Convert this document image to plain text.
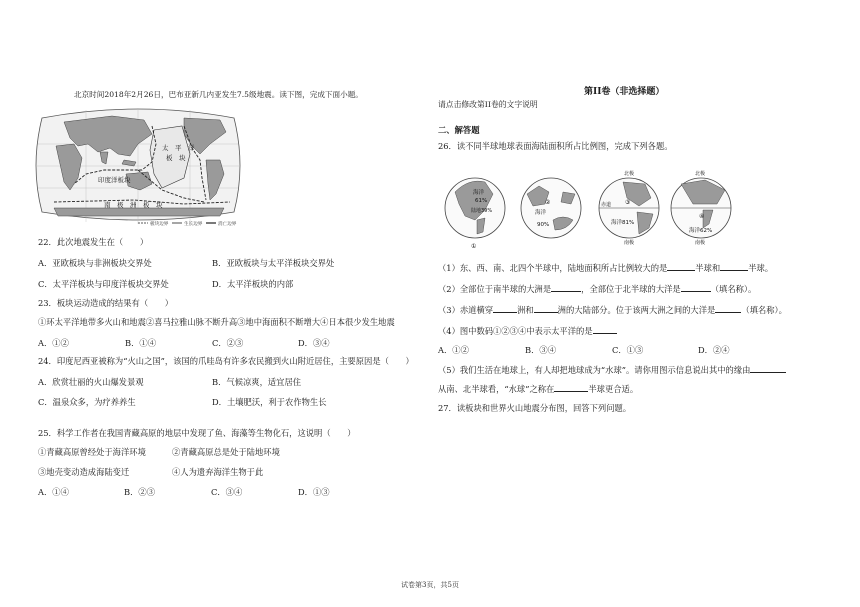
北京时间2018年2月26日，巴布亚新几内亚发生7.5级地震。读下图，完成下面小题。
太　平　洋
板　块
印度洋板块
南　极　洲　板　块
板块边界	生长边界	消亡边界
22．此次地震发生在（　　）
A．亚欧板块与非洲板块交界处	B．亚欧板块与太平洋板块交界处
C．太平洋板块与印度洋板块交界处	D．太平洋板块的内部
23．板块运动造成的结果有（　　）
①环太平洋地带多火山和地震②喜马拉雅山脉不断升高③地中海面积不断增大④日本很少发生地震
A．①②	B．①④	C．②③	D．③④
24．印度尼西亚被称为“火山之国”，该国的爪哇岛有许多农民搬到火山附近居住，主要原因是（　　）
A．欣赏壮丽的火山爆发景观	B．气候凉爽，适宜居住
C．温泉众多，为疗养养生	D．土壤肥沃，利于农作物生长
25．科学工作者在我国青藏高原的地层中发现了鱼、海藻等生物化石，这说明（　　）
①青藏高原曾经处于海洋环境	②青藏高原总是处于陆地环境
③地壳变动造成海陆变迁	④人为遗弃海洋生物于此
A．①④	B．②③	C．③④	D．①③
第II卷（非选择题）
请点击修改第II卷的文字说明
二、解答题
26．读不同半球地球表面海陆面积所占比例图，完成下列各题。
海洋
61%
陆地39%
①
海洋
90%
北极
南极
赤道
海洋81%
③
北极
南极
海洋62%
④
②
（1）东、西、南、北四个半球中，陆地面积所占比例较大的是	半球和	半球。
（2）全部位于南半球的大洲是	，全部位于北半球的大洋是	（填名称）。
（3）赤道横穿	洲和	洲的大陆部分。位于该两大洲之间的大洋是	（填名称）。
（4）图中数码①②③④中表示太平洋的是
A．①②	B．③④	C．①③	D．②④
（5）我们生活在地球上，有人却把地球成为“水球”。请你用图示信息说出其中的缘由
从南、北半球看，“水球”之称在	半球更合适。
27．读板块和世界火山地震分布图，回答下列问题。
试卷第3页，共5页
